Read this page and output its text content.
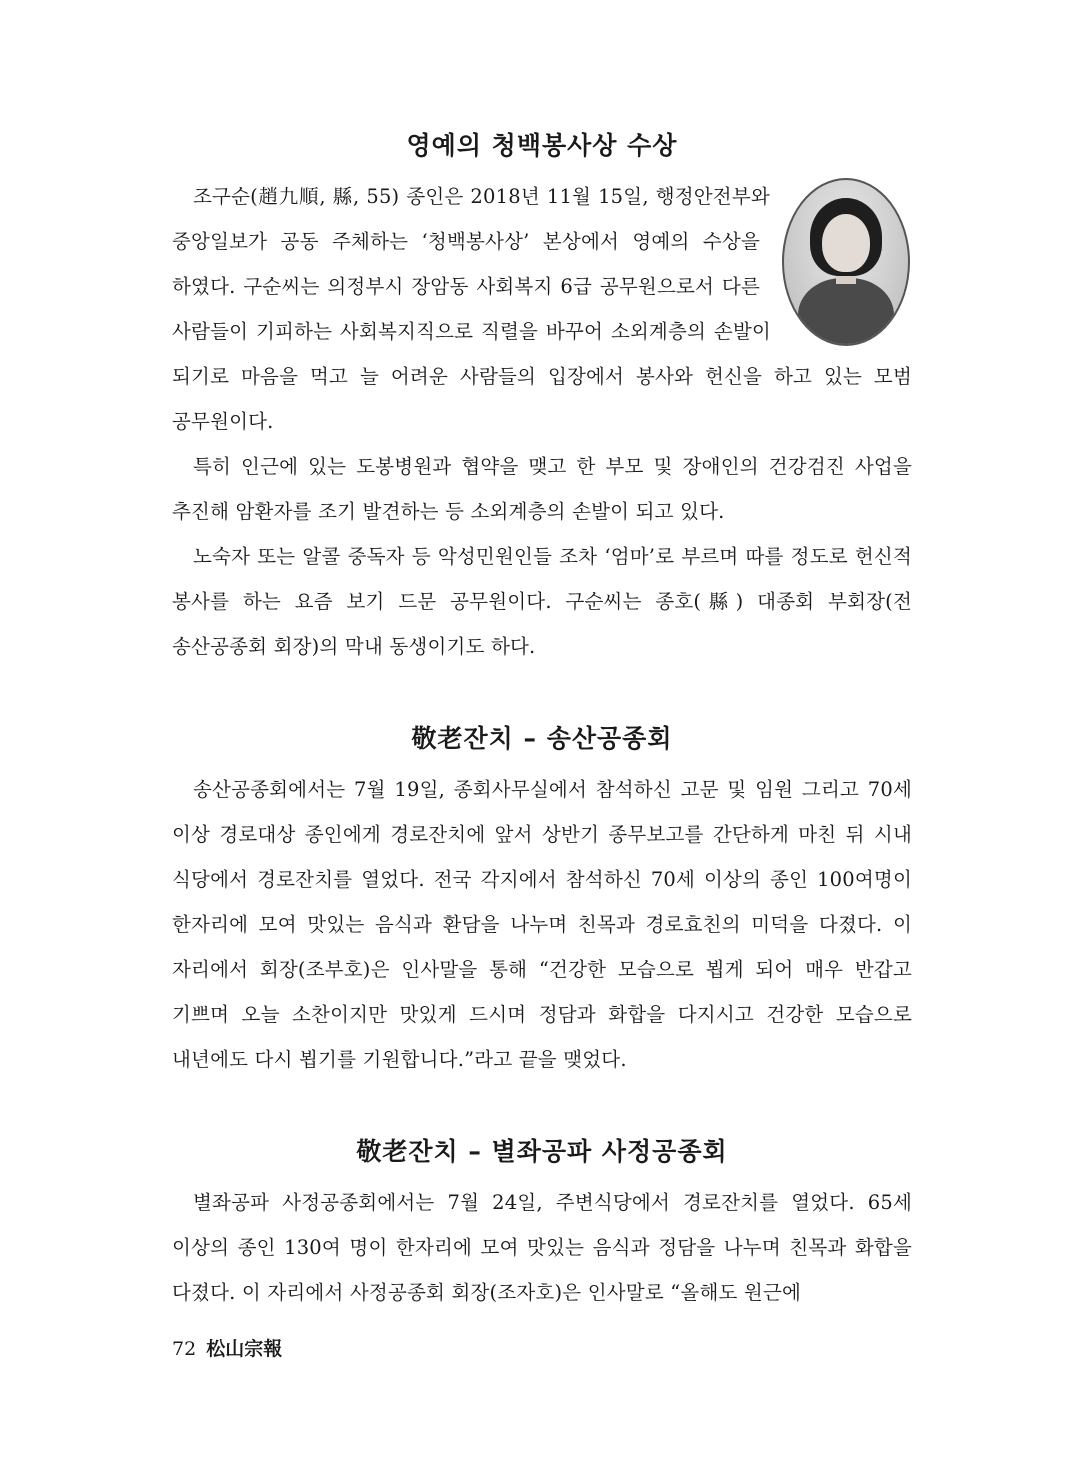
영예의 청백봉사상 수상

조구순(趙九順, 縣, 55) 종인은 2018년 11월 15일, 행정안전부와 중앙일보가 공동 주체하는 ‘청백봉사상’ 본상에서 영예의 수상을 하였다. 구순씨는 의정부시 장암동 사회복지 6급 공무원으로서 다른 사람들이 기피하는 사회복지직으로 직렬을 바꾸어 소외계층의 손발이 되기로 마음을 먹고 늘 어려운 사람들의 입장에서 봉사와 헌신을 하고 있는 모범 공무원이다.

특히 인근에 있는 도봉병원과 협약을 맺고 한 부모 및 장애인의 건강검진 사업을 추진해 암환자를 조기 발견하는 등 소외계층의 손발이 되고 있다.

노숙자 또는 알콜 중독자 등 악성민원인들 조차 ‘엄마’로 부르며 따를 정도로 헌신적 봉사를 하는 요즘 보기 드문 공무원이다. 구순씨는 종호(縣) 대종회 부회장(전 송산공종회 회장)의 막내 동생이기도 하다.

敬老잔치 – 송산공종회

송산공종회에서는 7월 19일, 종회사무실에서 참석하신 고문 및 임원 그리고 70세 이상 경로대상 종인에게 경로잔치에 앞서 상반기 종무보고를 간단하게 마친 뒤 시내 식당에서 경로잔치를 열었다. 전국 각지에서 참석하신 70세 이상의 종인 100여명이 한자리에 모여 맛있는 음식과 환담을 나누며 친목과 경로효친의 미덕을 다졌다. 이 자리에서 회장(조부호)은 인사말을 통해 “건강한 모습으로 뵙게 되어 매우 반갑고 기쁘며 오늘 소찬이지만 맛있게 드시며 정담과 화합을 다지시고 건강한 모습으로 내년에도 다시 뵙기를 기원합니다.”라고 끝을 맺었다.

敬老잔치 – 별좌공파 사정공종회

별좌공파 사정공종회에서는 7월 24일, 주변식당에서 경로잔치를 열었다. 65세 이상의 종인 130여 명이 한자리에 모여 맛있는 음식과 정담을 나누며 친목과 화합을 다졌다. 이 자리에서 사정공종회 회장(조자호)은 인사말로 “올해도 원근에

72 松山宗報
